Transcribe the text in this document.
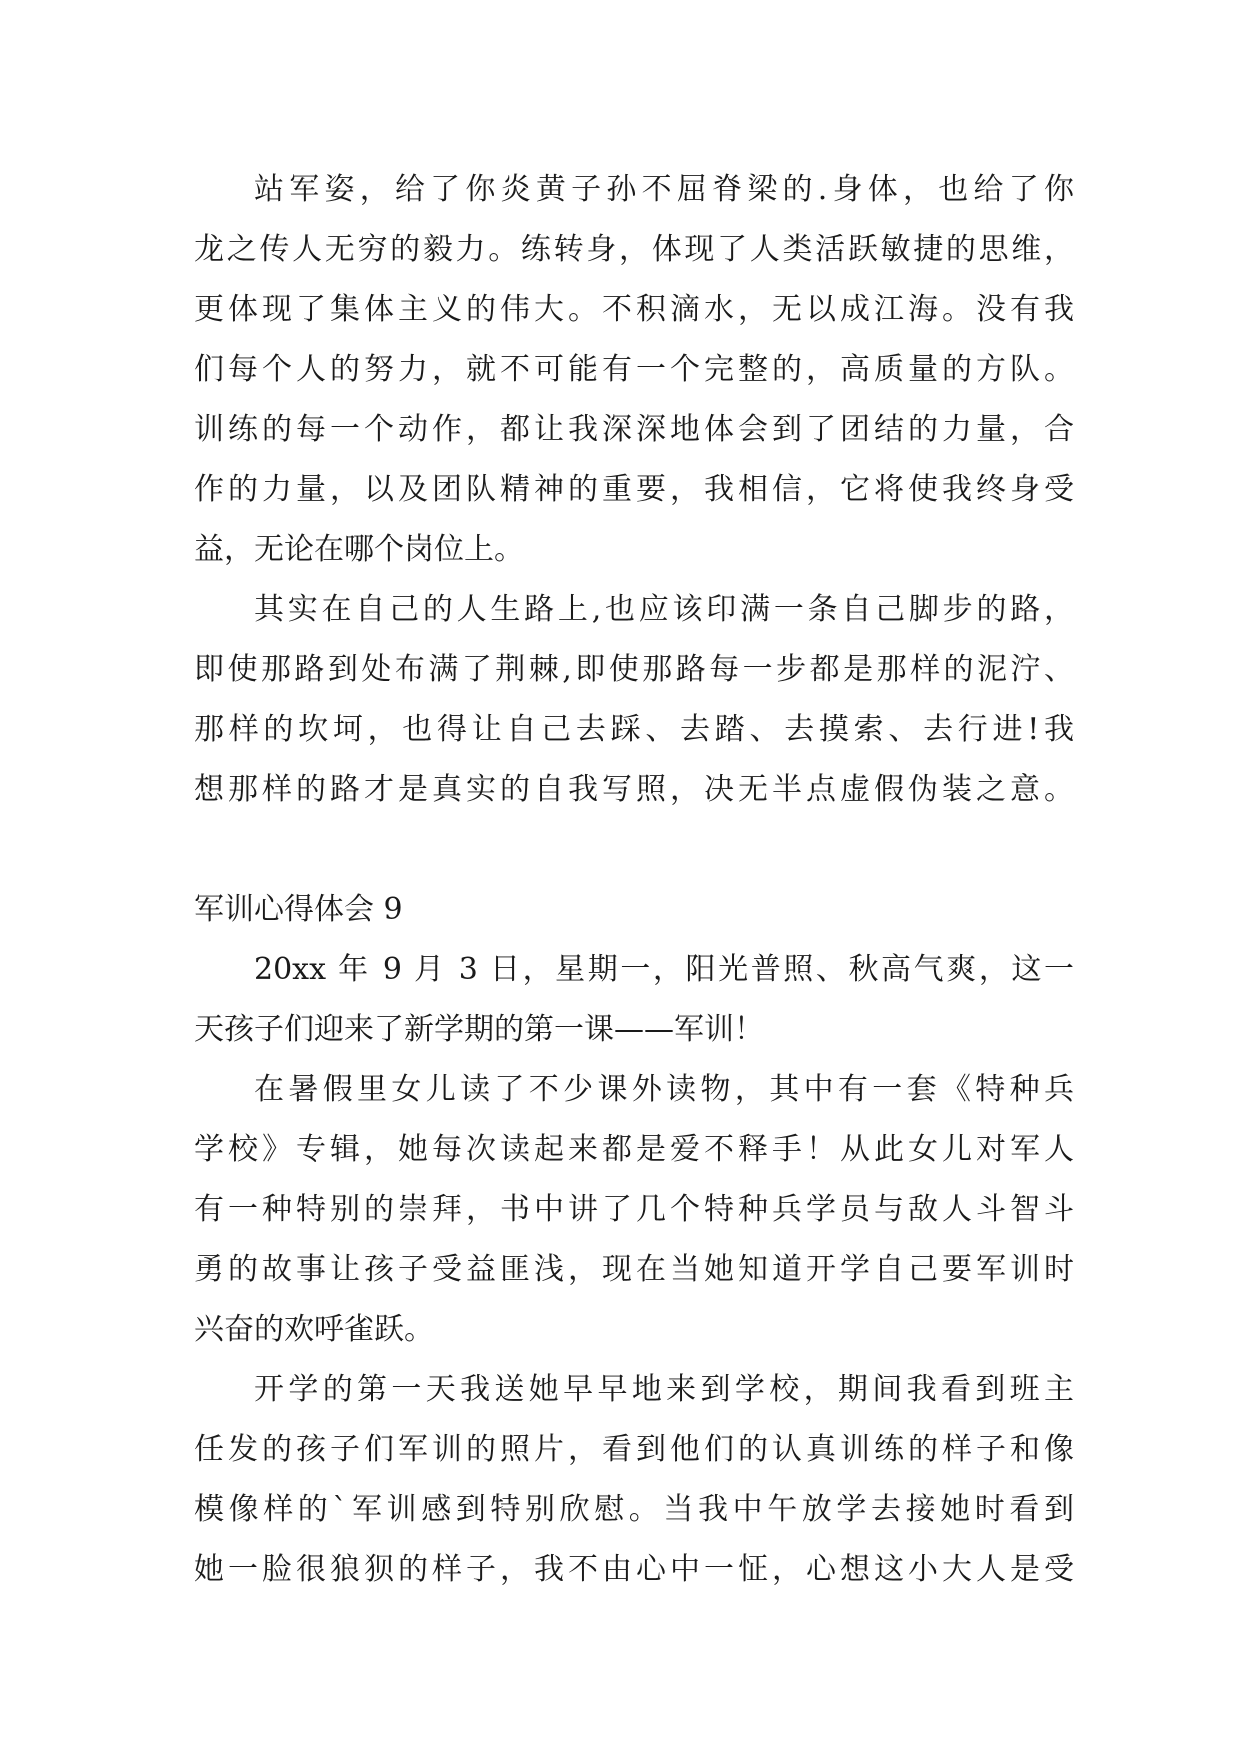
站军姿，给了你炎黄子孙不屈脊梁的.身体，也给了你
龙之传人无穷的毅力。练转身，体现了人类活跃敏捷的思维，
更体现了集体主义的伟大。不积滴水，无以成江海。没有我
们每个人的努力，就不可能有一个完整的，高质量的方队。
训练的每一个动作，都让我深深地体会到了团结的力量，合
作的力量，以及团队精神的重要，我相信，它将使我终身受
益，无论在哪个岗位上。
其实在自己的人生路上,也应该印满一条自己脚步的路，
即使那路到处布满了荆棘,即使那路每一步都是那样的泥泞、
那样的坎坷，也得让自己去踩、去踏、去摸索、去行进!我
想那样的路才是真实的自我写照，决无半点虚假伪装之意。
军训心得体会 9
20xx 年 9 月 3 日，星期一，阳光普照、秋高气爽，这一
天孩子们迎来了新学期的第一课——军训！
在暑假里女儿读了不少课外读物，其中有一套《特种兵
学校》专辑，她每次读起来都是爱不释手！从此女儿对军人
有一种特别的崇拜，书中讲了几个特种兵学员与敌人斗智斗
勇的故事让孩子受益匪浅，现在当她知道开学自己要军训时
兴奋的欢呼雀跃。
开学的第一天我送她早早地来到学校，期间我看到班主
任发的孩子们军训的照片，看到他们的认真训练的样子和像
模像样的`军训感到特别欣慰。当我中午放学去接她时看到
她一脸很狼狈的样子，我不由心中一怔，心想这小大人是受
